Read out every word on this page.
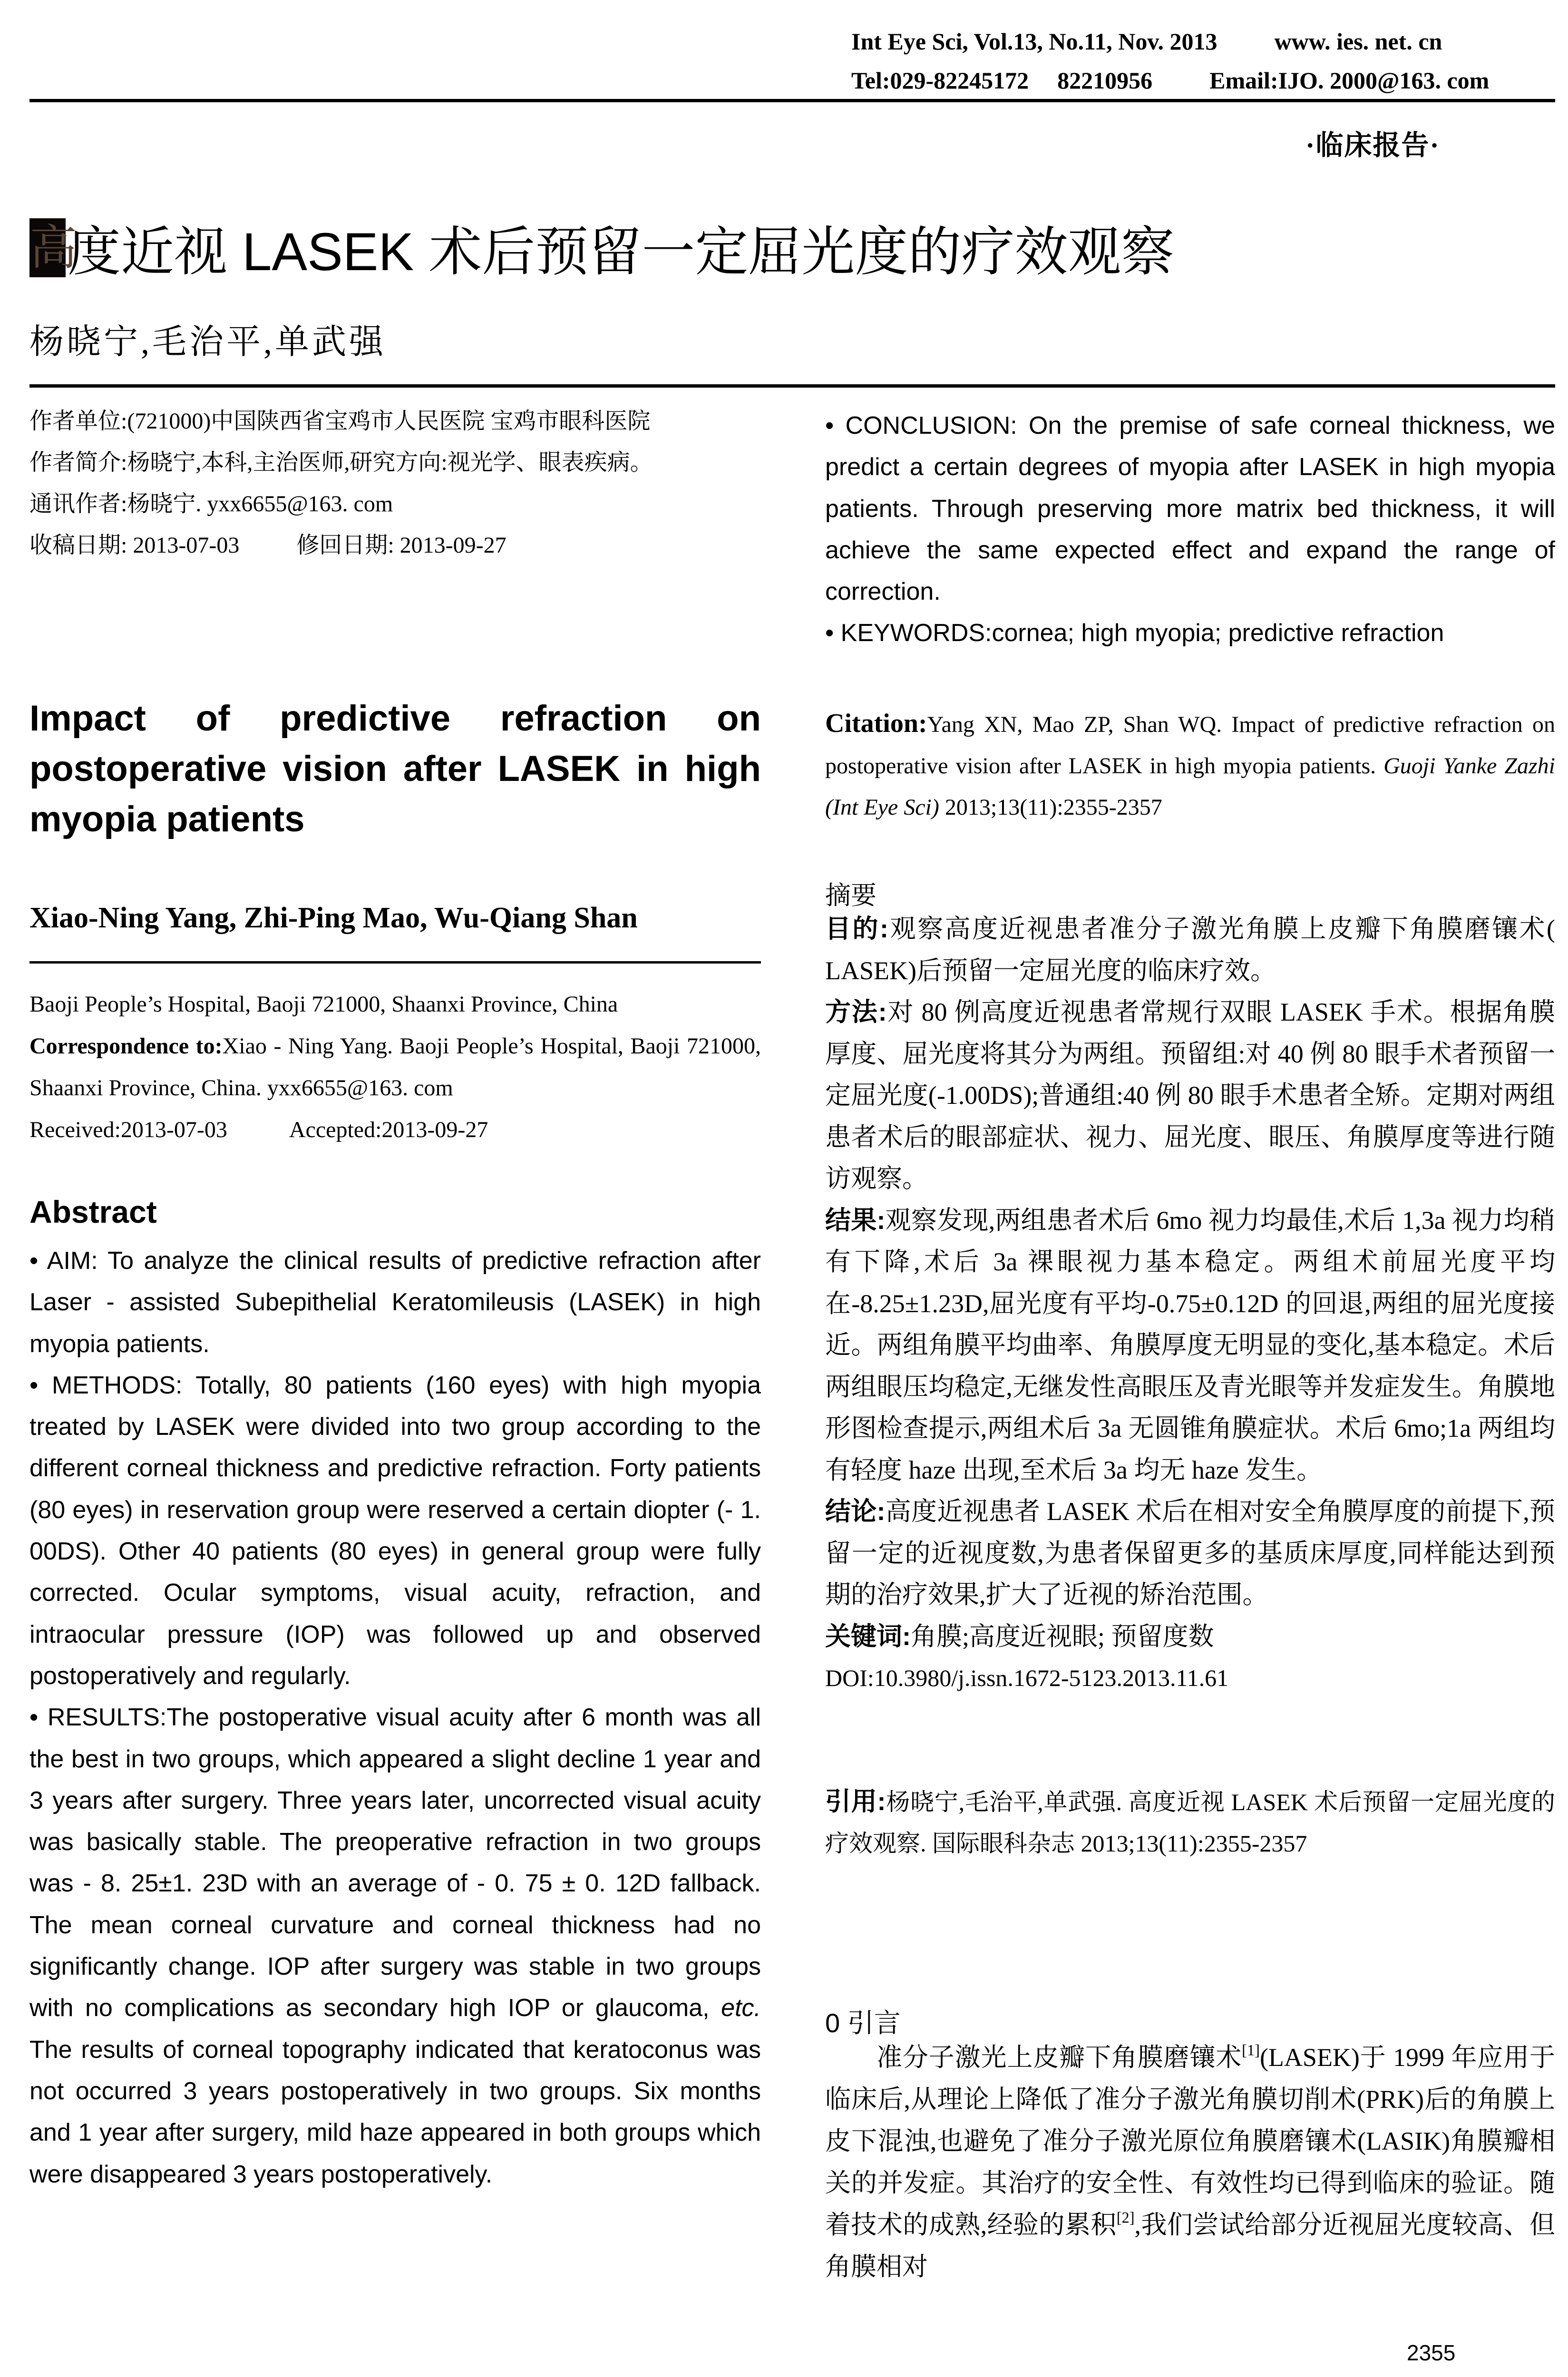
Int Eye Sci, Vol.13, No.11, Nov. 2013 www. ies. net. cn
Tel:029-82245172 82210956 Email:IJO. 2000@163. com
·临床报告·
高
度近视 LASEK 术后预留一定屈光度的疗效观察
杨晓宁,毛治平,单武强
作者单位:(721000)中国陕西省宝鸡市人民医院 宝鸡市眼科医院
作者简介:杨晓宁,本科,主治医师,研究方向:视光学、眼表疾病。
通讯作者:杨晓宁. yxx6655@163. com
收稿日期: 2013-07-03	修回日期: 2013-09-27
Impact of predictive refraction on postoperative vision after LASEK in high myopia patients
Xiao-Ning Yang, Zhi-Ping Mao, Wu-Qiang Shan
Baoji People’s Hospital, Baoji 721000, Shaanxi Province, China
Correspondence to:Xiao - Ning Yang. Baoji People’s Hospital, Baoji 721000, Shaanxi Province, China. yxx6655@163. com
Received:2013-07-03	Accepted:2013-09-27
Abstract

• AIM: To analyze the clinical results of predictive refraction after Laser - assisted Subepithelial Keratomileusis (LASEK) in high myopia patients.

• METHODS: Totally, 80 patients (160 eyes) with high myopia treated by LASEK were divided into two group according to the different corneal thickness and predictive refraction. Forty patients (80 eyes) in reservation group were reserved a certain diopter (- 1. 00DS). Other 40 patients (80 eyes) in general group were fully corrected. Ocular symptoms, visual acuity, refraction, and intraocular pressure (IOP) was followed up and observed postoperatively and regularly.

• RESULTS:The postoperative visual acuity after 6 month was all the best in two groups, which appeared a slight decline 1 year and 3 years after surgery. Three years later, uncorrected visual acuity was basically stable. The preoperative refraction in two groups was - 8. 25±1. 23D with an average of - 0. 75 ± 0. 12D fallback. The mean corneal curvature and corneal thickness had no significantly change. IOP after surgery was stable in two groups with no complications as secondary high IOP or glaucoma, etc. The results of corneal topography indicated that keratoconus was not occurred 3 years postoperatively in two groups. Six months and 1 year after surgery, mild haze appeared in both groups which were disappeared 3 years postoperatively.

• CONCLUSION: On the premise of safe corneal thickness, we predict a certain degrees of myopia after LASEK in high myopia patients. Through preserving more matrix bed thickness, it will achieve the same expected effect and expand the range of correction.

• KEYWORDS:cornea; high myopia; predictive refraction

Citation:Yang XN, Mao ZP, Shan WQ. Impact of predictive refraction on postoperative vision after LASEK in high myopia patients. Guoji Yanke Zazhi (Int Eye Sci) 2013;13(11):2355-2357
摘要

目的:观察高度近视患者准分子激光角膜上皮瓣下角膜磨镶术( LASEK)后预留一定屈光度的临床疗效。

方法:对 80 例高度近视患者常规行双眼 LASEK 手术。根据角膜厚度、屈光度将其分为两组。预留组:对 40 例 80 眼手术者预留一定屈光度(-1.00DS);普通组:40 例 80 眼手术患者全矫。定期对两组患者术后的眼部症状、视力、屈光度、眼压、角膜厚度等进行随访观察。

结果:观察发现,两组患者术后 6mo 视力均最佳,术后 1,3a 视力均稍有下降,术后 3a 裸眼视力基本稳定。两组术前屈光度平均在-8.25±1.23D,屈光度有平均-0.75±0.12D 的回退,两组的屈光度接近。两组角膜平均曲率、角膜厚度无明显的变化,基本稳定。术后两组眼压均稳定,无继发性高眼压及青光眼等并发症发生。角膜地形图检查提示,两组术后 3a 无圆锥角膜症状。术后 6mo;1a 两组均有轻度 haze 出现,至术后 3a 均无 haze 发生。

结论:高度近视患者 LASEK 术后在相对安全角膜厚度的前提下,预留一定的近视度数,为患者保留更多的基质床厚度,同样能达到预期的治疗效果,扩大了近视的矫治范围。

关键词:角膜;高度近视眼; 预留度数

DOI:10.3980/j.issn.1672-5123.2013.11.61

引用:杨晓宁,毛治平,单武强. 高度近视 LASEK 术后预留一定屈光度的疗效观察. 国际眼科杂志 2013;13(11):2355-2357
0 引言

准分子激光上皮瓣下角膜磨镶术[1](LASEK)于 1999 年应用于临床后,从理论上降低了准分子激光角膜切削术(PRK)后的角膜上皮下混浊,也避免了准分子激光原位角膜磨镶术(LASIK)角膜瓣相关的并发症。其治疗的安全性、有效性均已得到临床的验证。随着技术的成熟,经验的累积[2],我们尝试给部分近视屈光度较高、但角膜相对

2355
